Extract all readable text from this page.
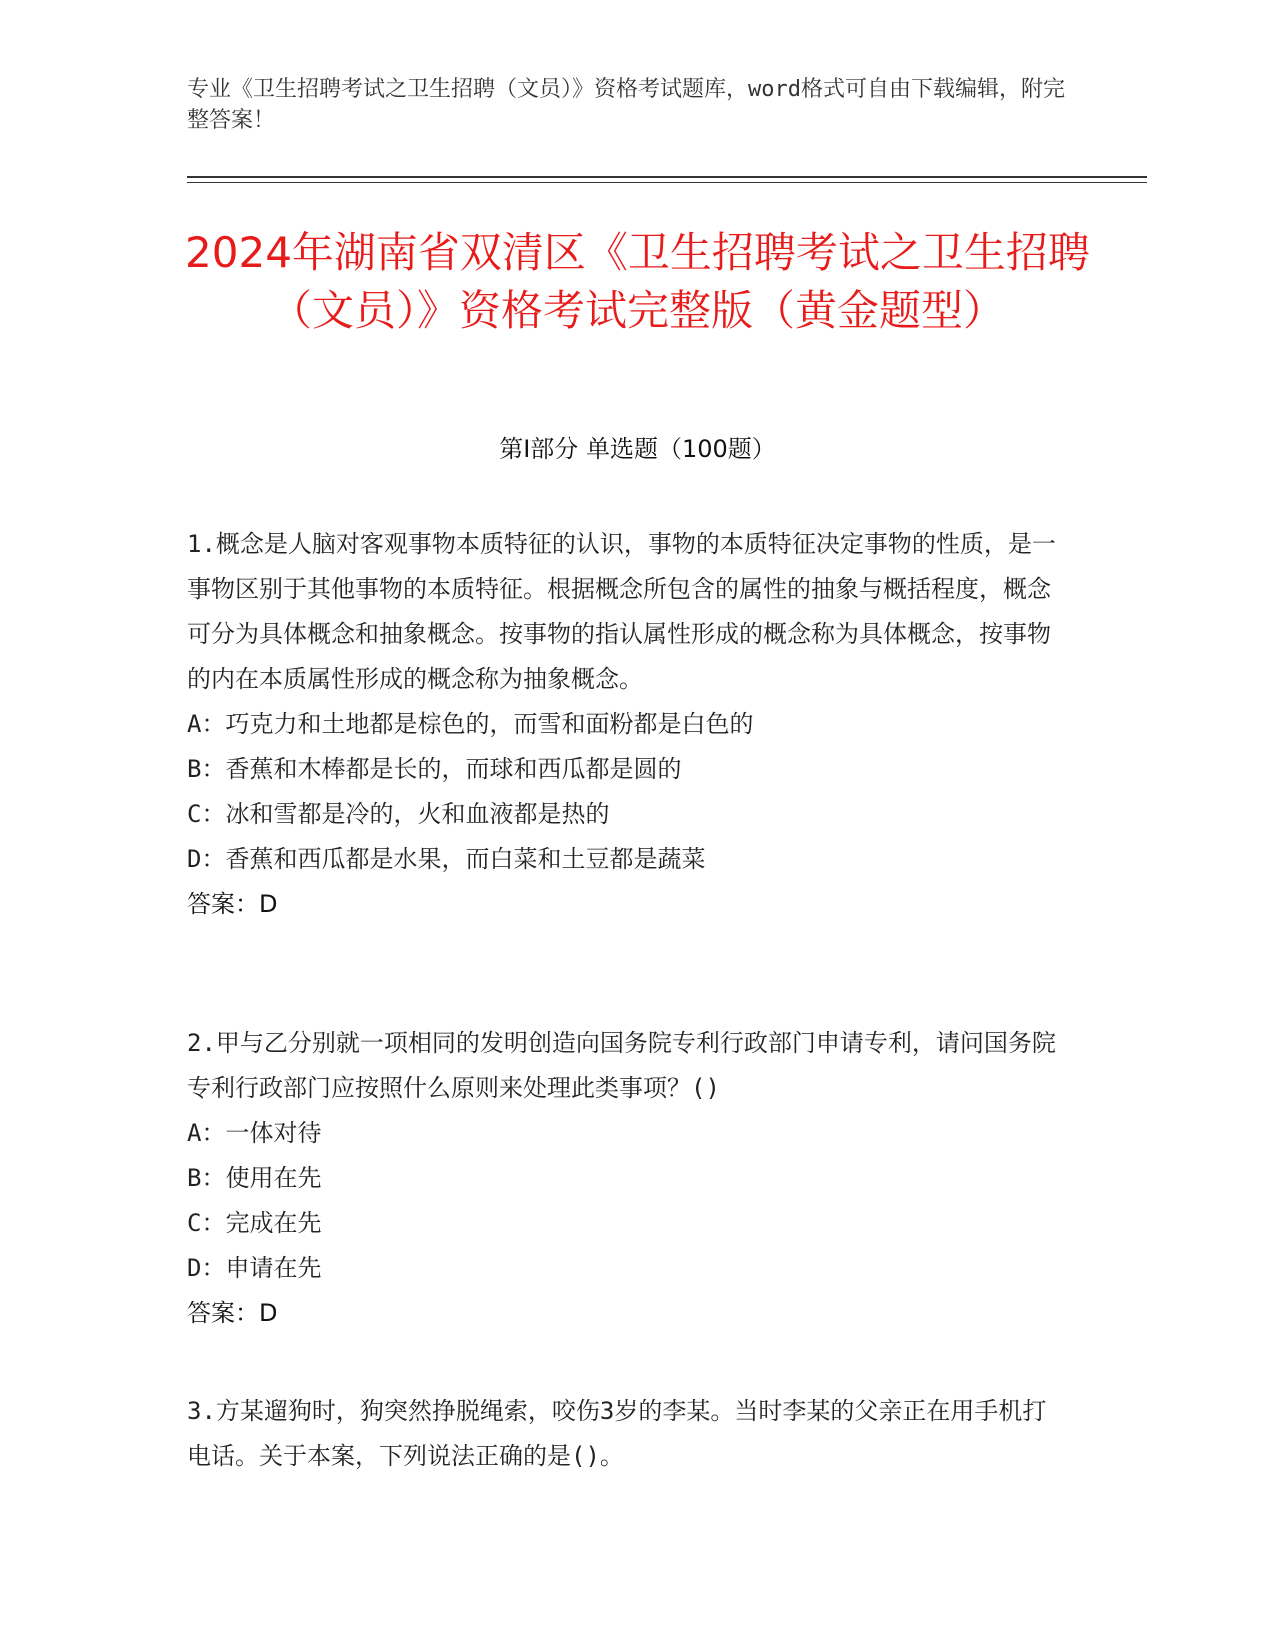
专业《卫生招聘考试之卫生招聘（文员）》资格考试题库，word格式可自由下载编辑，附完整答案！
2024年湖南省双清区《卫生招聘考试之卫生招聘（文员）》资格考试完整版（黄金题型）
第I部分 单选题（100题）
1.概念是人脑对客观事物本质特征的认识，事物的本质特征决定事物的性质，是一事物区别于其他事物的本质特征。根据概念所包含的属性的抽象与概括程度，概念可分为具体概念和抽象概念。按事物的指认属性形成的概念称为具体概念，按事物的内在本质属性形成的概念称为抽象概念。
A：巧克力和土地都是棕色的，而雪和面粉都是白色的
B：香蕉和木棒都是长的，而球和西瓜都是圆的
C：冰和雪都是冷的，火和血液都是热的
D：香蕉和西瓜都是水果，而白菜和土豆都是蔬菜
答案：D
2.甲与乙分别就一项相同的发明创造向国务院专利行政部门申请专利，请问国务院专利行政部门应按照什么原则来处理此类事项？()
A：一体对待
B：使用在先
C：完成在先
D：申请在先
答案：D
3.方某遛狗时，狗突然挣脱绳索，咬伤3岁的李某。当时李某的父亲正在用手机打电话。关于本案，下列说法正确的是()。
